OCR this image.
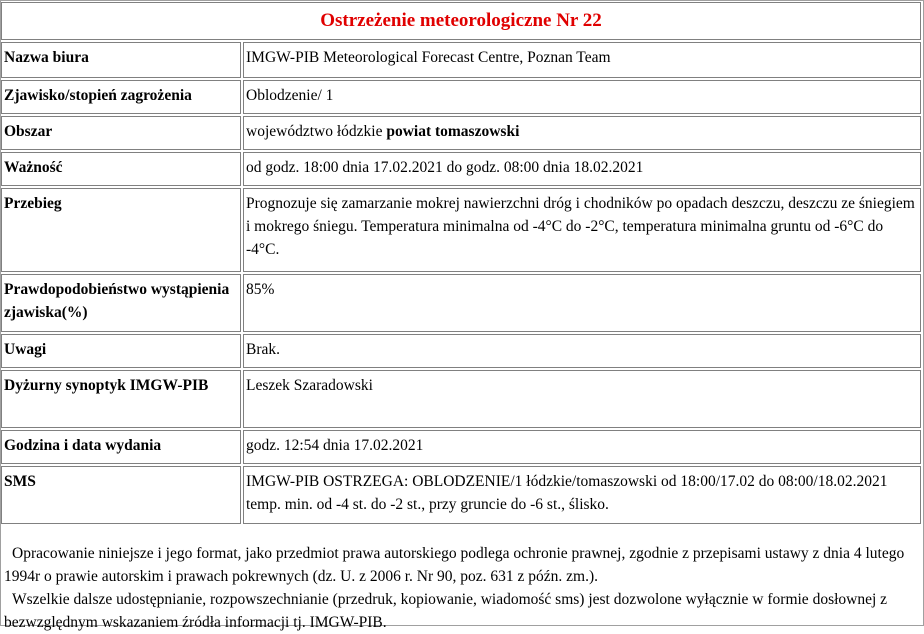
Ostrzeżenie meteorologiczne Nr 22	
Nazwa biura	IMGW-PIB Meteorological Forecast Centre, Poznan Team
Zjawisko/stopień zagrożenia	Oblodzenie/ 1
Obszar	województwo łódzkie powiat tomaszowski
Ważność	od godz. 18:00 dnia 17.02.2021 do godz. 08:00 dnia 18.02.2021
Przebieg	Prognozuje się zamarzanie mokrej nawierzchni dróg i chodników po opadach deszczu, deszczu ze śniegiem i mokrego śniegu. Temperatura minimalna od -4°C do -2°C, temperatura minimalna gruntu od -6°C do -4°C.
Prawdopodobieństwo wystąpienia zjawiska(%)	85%
Uwagi	Brak.
Dyżurny synoptyk IMGW-PIB	Leszek Szaradowski
Godzina i data wydania	godz. 12:54 dnia 17.02.2021
SMS	IMGW-PIB OSTRZEGA: OBLODZENIE/1 łódzkie/tomaszowski od 18:00/17.02 do 08:00/18.02.2021 temp. min. od -4 st. do -2 st., przy gruncie do -6 st., ślisko.

Opracowanie niniejsze i jego format, jako przedmiot prawa autorskiego podlega ochronie prawnej, zgodnie z przepisami ustawy z dnia 4 lutego 1994r o prawie autorskim i prawach pokrewnych (dz. U. z 2006 r. Nr 90, poz. 631 z późn. zm.).

Wszelkie dalsze udostępnianie, rozpowszechnianie (przedruk, kopiowanie, wiadomość sms) jest dozwolone wyłącznie w formie dosłownej z bezwzględnym wskazaniem źródła informacji tj. IMGW-PIB.
